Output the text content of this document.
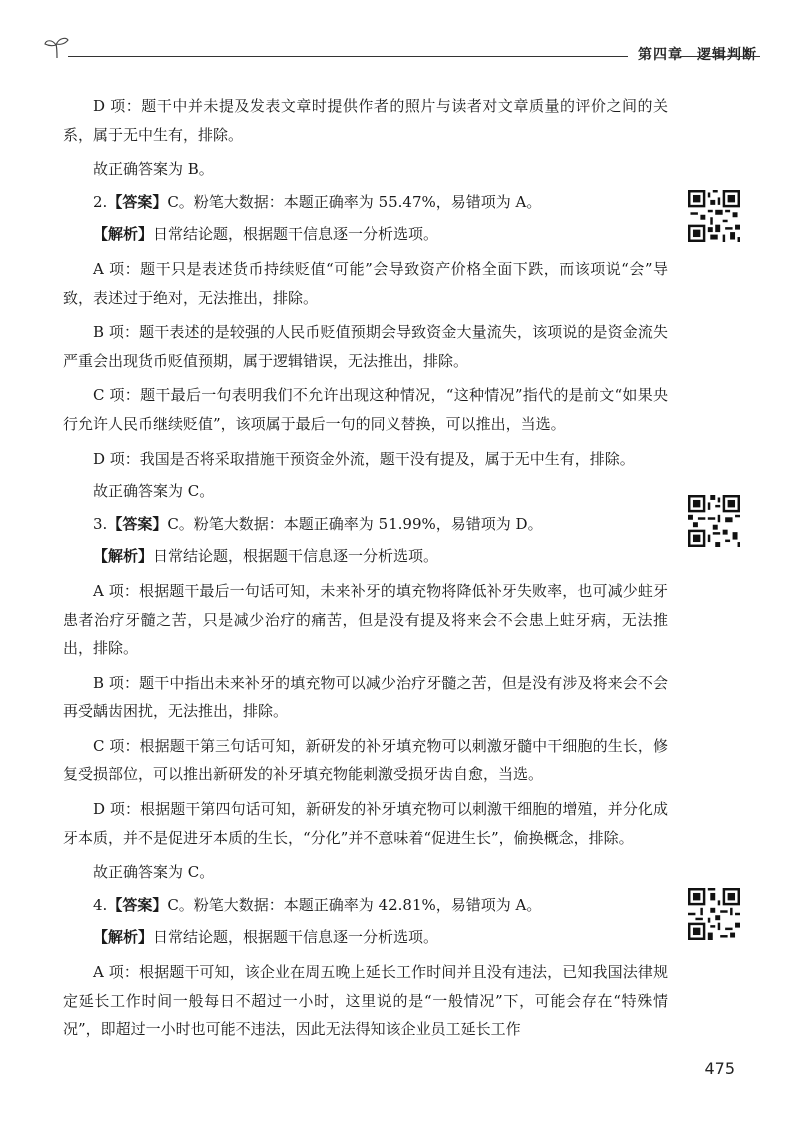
第四章 逻辑判断

D 项：题干中并未提及发表文章时提供作者的照片与读者对文章质量的评价之间的关系，属于无中生有，排除。

故正确答案为 B。

2.【答案】C。粉笔大数据：本题正确率为 55.47%，易错项为 A。

【解析】日常结论题，根据题干信息逐一分析选项。

A 项：题干只是表述货币持续贬值“可能”会导致资产价格全面下跌，而该项说“会”导致，表述过于绝对，无法推出，排除。

B 项：题干表述的是较强的人民币贬值预期会导致资金大量流失，该项说的是资金流失严重会出现货币贬值预期，属于逻辑错误，无法推出，排除。

C 项：题干最后一句表明我们不允许出现这种情况，“这种情况”指代的是前文“如果央行允许人民币继续贬值”，该项属于最后一句的同义替换，可以推出，当选。

D 项：我国是否将采取措施干预资金外流，题干没有提及，属于无中生有，排除。

故正确答案为 C。

3.【答案】C。粉笔大数据：本题正确率为 51.99%，易错项为 D。

【解析】日常结论题，根据题干信息逐一分析选项。

A 项：根据题干最后一句话可知，未来补牙的填充物将降低补牙失败率，也可减少蛀牙患者治疗牙髓之苦，只是减少治疗的痛苦，但是没有提及将来会不会患上蛀牙病，无法推出，排除。

B 项：题干中指出未来补牙的填充物可以减少治疗牙髓之苦，但是没有涉及将来会不会再受龋齿困扰，无法推出，排除。

C 项：根据题干第三句话可知，新研发的补牙填充物可以刺激牙髓中干细胞的生长，修复受损部位，可以推出新研发的补牙填充物能刺激受损牙齿自愈，当选。

D 项：根据题干第四句话可知，新研发的补牙填充物可以刺激干细胞的增殖，并分化成牙本质，并不是促进牙本质的生长，“分化”并不意味着“促进生长”，偷换概念，排除。

故正确答案为 C。

4.【答案】C。粉笔大数据：本题正确率为 42.81%，易错项为 A。

【解析】日常结论题，根据题干信息逐一分析选项。

A 项：根据题干可知，该企业在周五晚上延长工作时间并且没有违法，已知我国法律规定延长工作时间一般每日不超过一小时，这里说的是“一般情况”下，可能会存在“特殊情况”，即超过一小时也可能不违法，因此无法得知该企业员工延长工作

475
